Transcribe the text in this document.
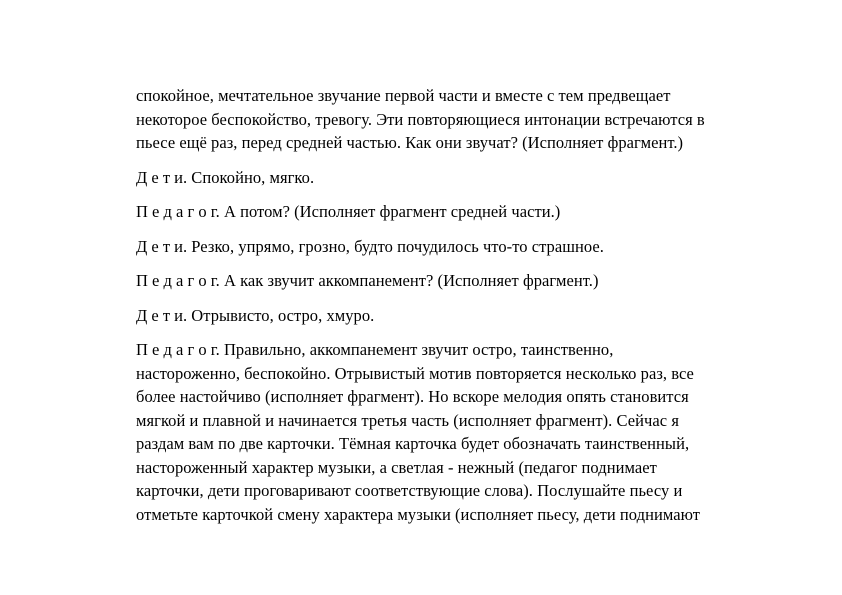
спокойное, мечтательное звучание первой части и вместе с тем предвещает
некоторое беспокойство, тревогу. Эти повторяющиеся интонации встречаются в
пьесе ещё раз, перед средней частью. Как они звучат? (Исполняет фрагмент.)

Д е т и. Спокойно, мягко.

П е д а г о г. А потом? (Исполняет фрагмент средней части.)

Д е т и. Резко, упрямо, грозно, будто почудилось что-то страшное.

П е д а г о г. А как звучит аккомпанемент? (Исполняет фрагмент.)

Д е т и. Отрывисто, остро, хмуро.

П е д а г о г. Правильно, аккомпанемент звучит остро, таинственно,
настороженно, беспокойно. Отрывистый мотив повторяется несколько раз, все
более настойчиво (исполняет фрагмент). Но вскоре мелодия опять становится
мягкой и плавной и начинается третья часть (исполняет фрагмент). Сейчас я
раздам вам по две карточки. Тёмная карточка будет обозначать таинственный,
настороженный характер музыки, а светлая - нежный (педагог поднимает
карточки, дети проговаривают соответствующие слова). Послушайте пьесу и
отметьте карточкой смену характера музыки (исполняет пьесу, дети поднимают
